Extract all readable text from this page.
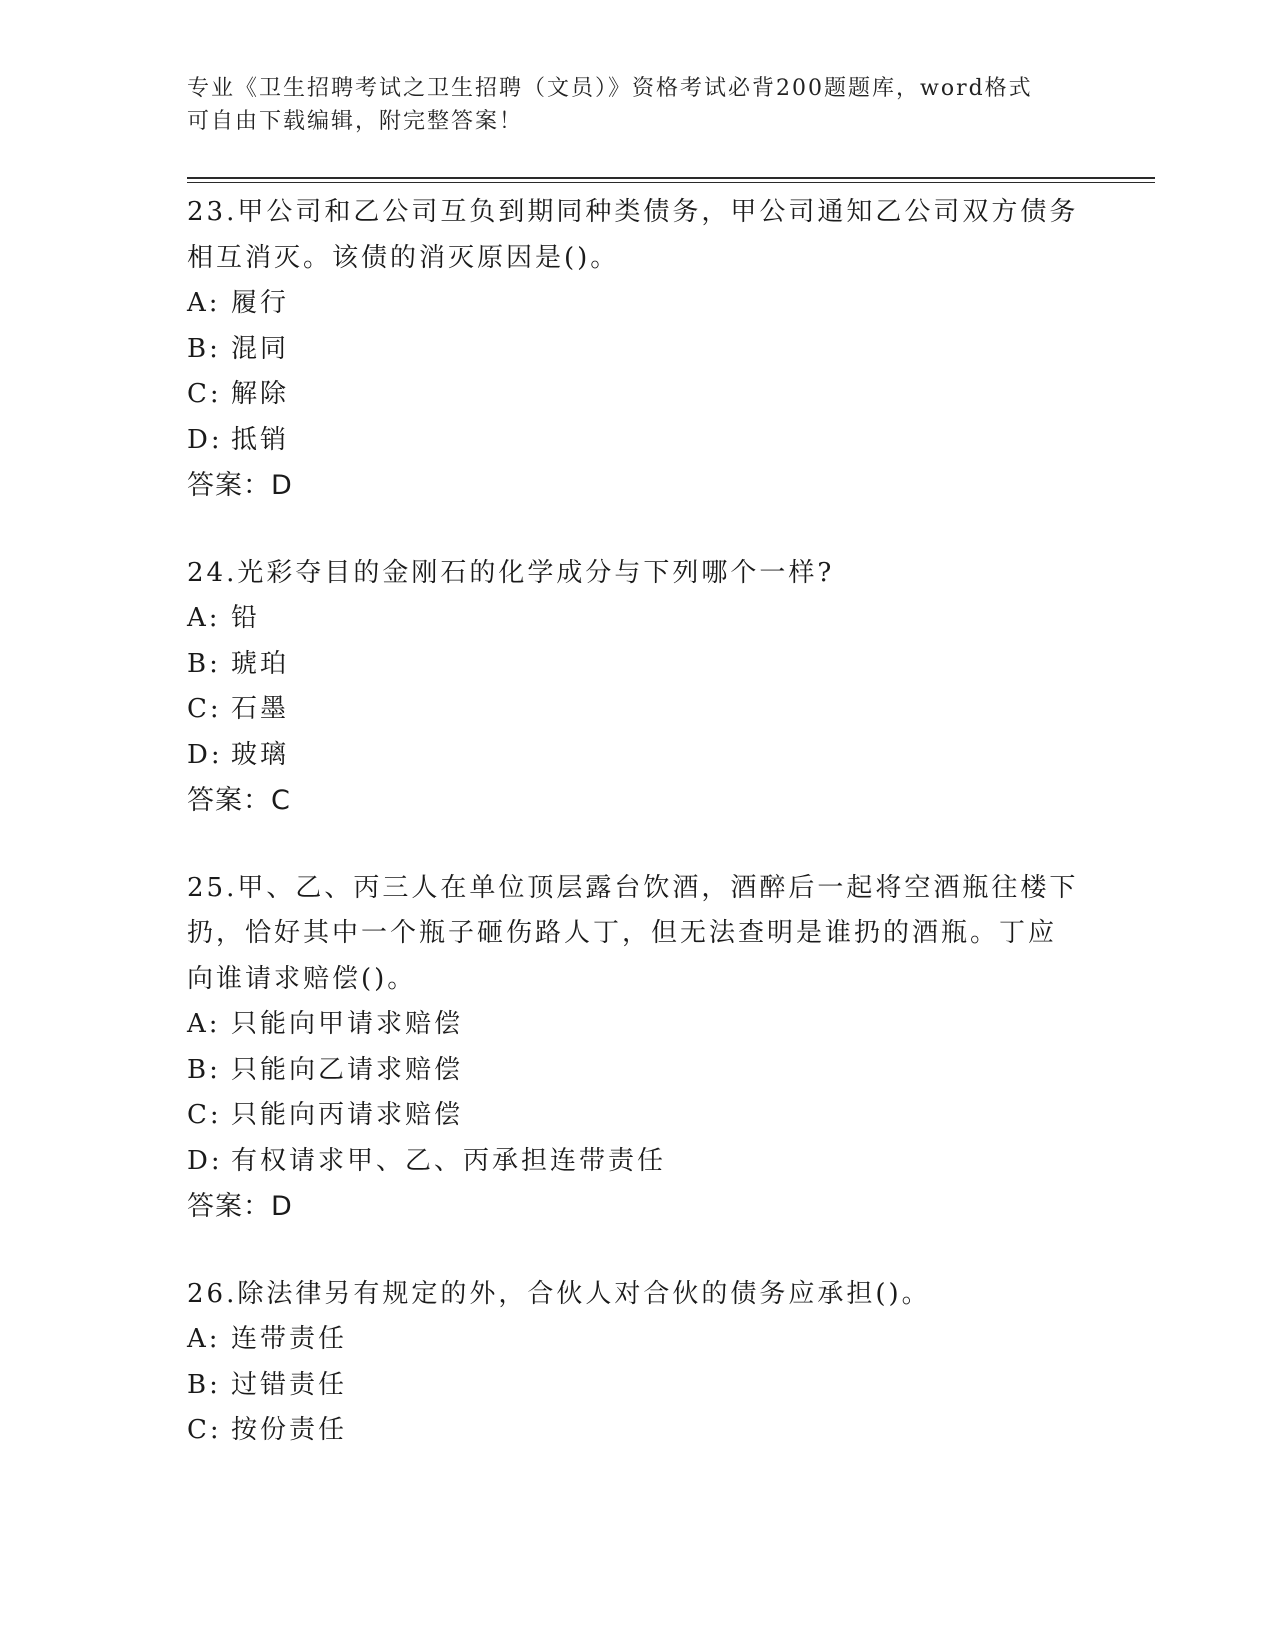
专业《卫生招聘考试之卫生招聘（文员）》资格考试必背200题题库，word格式
可自由下载编辑，附完整答案！
23.甲公司和乙公司互负到期同种类债务，甲公司通知乙公司双方债务
相互消灭。该债的消灭原因是()。
A: 履行
B: 混同
C: 解除
D: 抵销
答案：D
24.光彩夺目的金刚石的化学成分与下列哪个一样?
A: 铅
B: 琥珀
C: 石墨
D: 玻璃
答案：C
25.甲、乙、丙三人在单位顶层露台饮酒，酒醉后一起将空酒瓶往楼下
扔，恰好其中一个瓶子砸伤路人丁，但无法查明是谁扔的酒瓶。丁应
向谁请求赔偿()。
A: 只能向甲请求赔偿
B: 只能向乙请求赔偿
C: 只能向丙请求赔偿
D: 有权请求甲、乙、丙承担连带责任
答案：D
26.除法律另有规定的外，合伙人对合伙的债务应承担()。
A: 连带责任
B: 过错责任
C: 按份责任
